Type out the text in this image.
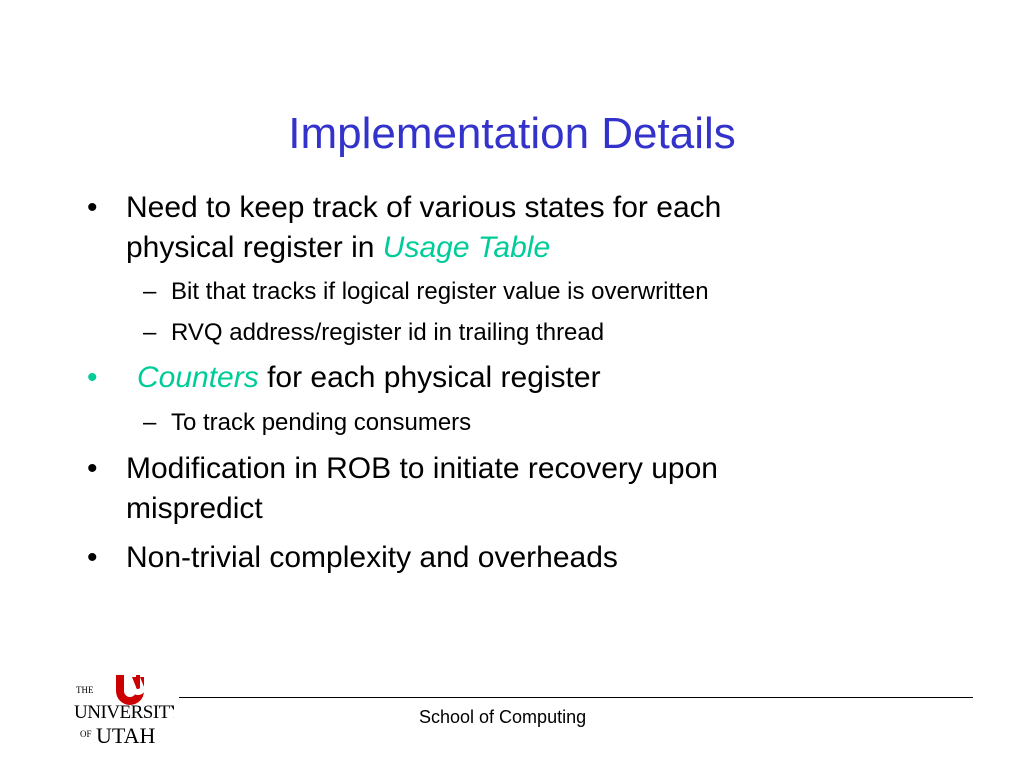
Implementation Details
• Need to keep track of various states for each
physical register in Usage Table
– Bit that tracks if logical register value is overwritten
– RVQ address/register id in trailing thread
• Counters for each physical register
– To track pending consumers
• Modification in ROB to initiate recovery upon
mispredict
• Non-trivial complexity and overheads
THE
UNIVERSITY
OF UTAH
School of Computing
